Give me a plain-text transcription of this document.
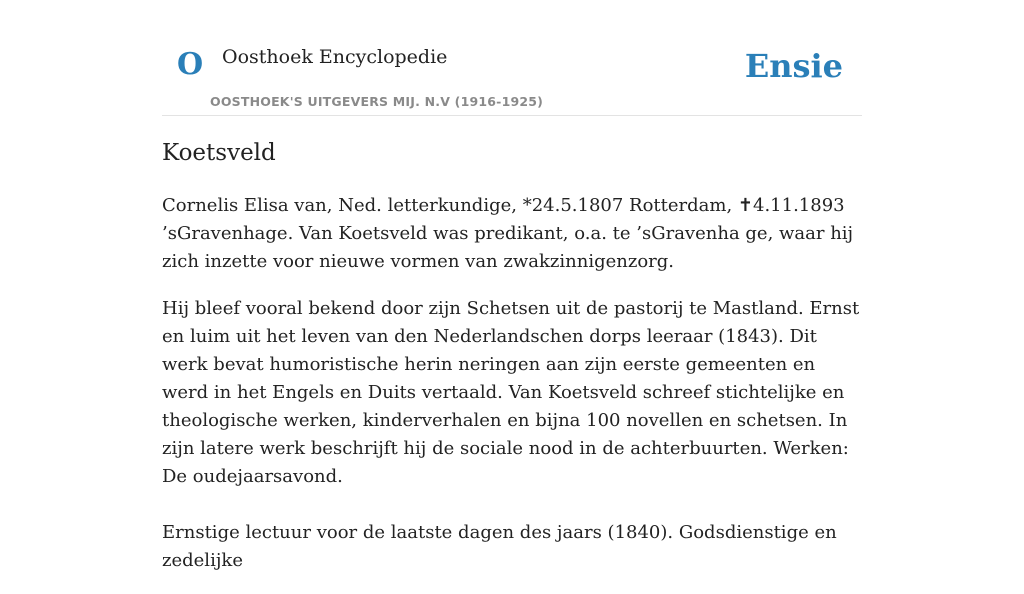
O Oosthoek Encyclopedie
OOSTHOEK'S UITGEVERS MIJ. N.V (1916-1925)
Ensie
Koetsveld

Cornelis Elisa van, Ned. letterkundige, *24.5.1807 Rotterdam, ✝4.11.1893 ’sGravenhage. Van Koetsveld was predikant, o.a. te ’sGravenha ge, waar hij zich inzette voor nieuwe vormen van zwakzinnigenzorg.

Hij bleef vooral bekend door zijn Schetsen uit de pastorij te Mastland. Ernst en luim uit het leven van den Nederlandschen dorps leeraar (1843). Dit werk bevat humoristische herin neringen aan zijn eerste gemeenten en werd in het Engels en Duits vertaald. Van Koetsveld schreef stichtelijke en theologische werken, kinderverhalen en bijna 100 novellen en schetsen. In zijn latere werk beschrijft hij de sociale nood in de achterbuurten. Werken: De oudejaarsavond.

Ernstige lectuur voor de laatste dagen des jaars (1840). Godsdienstige en zedelijke
